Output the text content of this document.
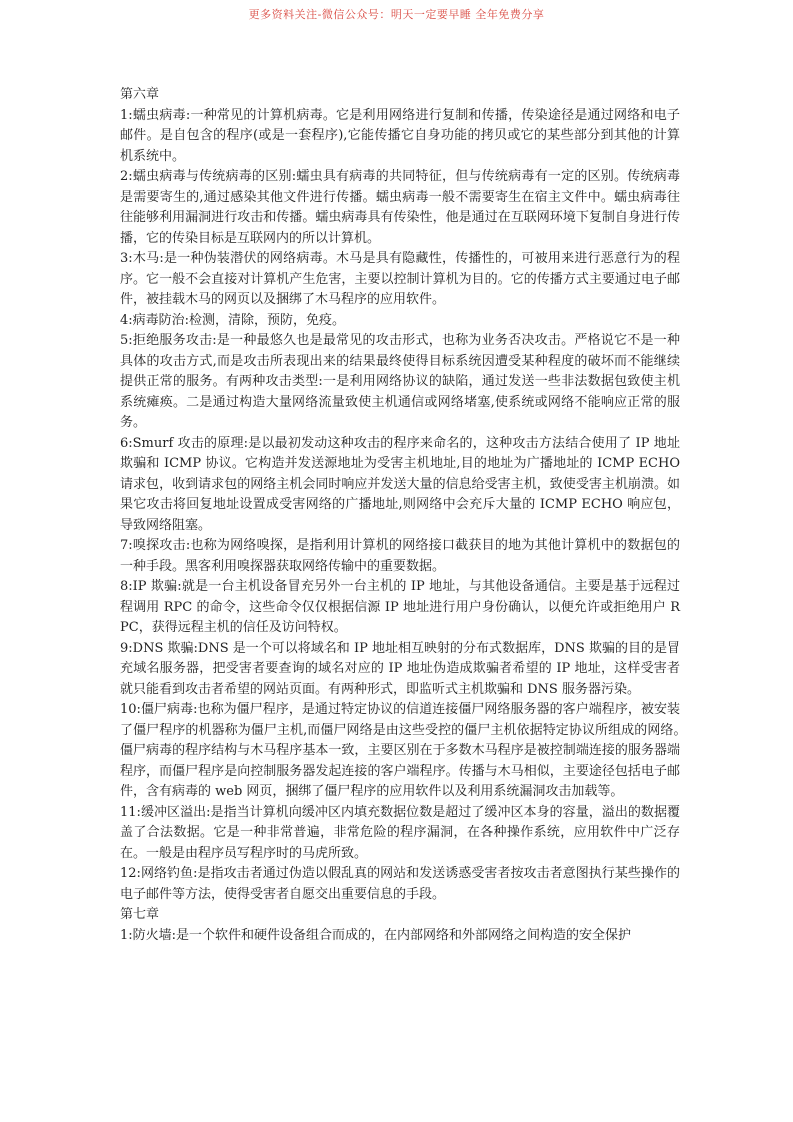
更多资料关注-微信公众号：明天一定要早睡 全年免费分享

第六章

1:蠕虫病毒:一种常见的计算机病毒。它是利用网络进行复制和传播，传染途径是通过网络和电子邮件。是自包含的程序(或是一套程序),它能传播它自身功能的拷贝或它的某些部分到其他的计算机系统中。

2:蠕虫病毒与传统病毒的区别:蠕虫具有病毒的共同特征，但与传统病毒有一定的区别。传统病毒是需要寄生的,通过感染其他文件进行传播。蠕虫病毒一般不需要寄生在宿主文件中。蠕虫病毒往往能够利用漏洞进行攻击和传播。蠕虫病毒具有传染性，他是通过在互联网环境下复制自身进行传播，它的传染目标是互联网内的所以计算机。

3:木马:是一种伪装潜伏的网络病毒。木马是具有隐藏性，传播性的，可被用来进行恶意行为的程序。它一般不会直接对计算机产生危害，主要以控制计算机为目的。它的传播方式主要通过电子邮件，被挂载木马的网页以及捆绑了木马程序的应用软件。

4:病毒防治:检测，清除，预防，免疫。

5:拒绝服务攻击:是一种最悠久也是最常见的攻击形式，也称为业务否决攻击。严格说它不是一种具体的攻击方式,而是攻击所表现出来的结果最终使得目标系统因遭受某种程度的破坏而不能继续提供正常的服务。有两种攻击类型:一是利用网络协议的缺陷，通过发送一些非法数据包致使主机系统瘫痪。二是通过构造大量网络流量致使主机通信或网络堵塞,使系统或网络不能响应正常的服务。

6:Smurf 攻击的原理:是以最初发动这种攻击的程序来命名的，这种攻击方法结合使用了 IP 地址欺骗和 ICMP 协议。它构造并发送源地址为受害主机地址,目的地址为广播地址的 ICMP ECHO 请求包，收到请求包的网络主机会同时响应并发送大量的信息给受害主机，致使受害主机崩溃。如果它攻击将回复地址设置成受害网络的广播地址,则网络中会充斥大量的 ICMP ECHO 响应包，导致网络阻塞。

7:嗅探攻击:也称为网络嗅探，是指利用计算机的网络接口截获目的地为其他计算机中的数据包的一种手段。黑客利用嗅探器获取网络传输中的重要数据。

8:IP 欺骗:就是一台主机设备冒充另外一台主机的 IP 地址，与其他设备通信。主要是基于远程过程调用 RPC 的命令，这些命令仅仅根据信源 IP 地址进行用户身份确认，以便允许或拒绝用户 RPC，获得远程主机的信任及访问特权。

9:DNS 欺骗:DNS 是一个可以将域名和 IP 地址相互映射的分布式数据库，DNS 欺骗的目的是冒充域名服务器，把受害者要查询的域名对应的 IP 地址伪造成欺骗者希望的 IP 地址，这样受害者就只能看到攻击者希望的网站页面。有两种形式，即监听式主机欺骗和 DNS 服务器污染。

10:僵尸病毒:也称为僵尸程序，是通过特定协议的信道连接僵尸网络服务器的客户端程序，被安装了僵尸程序的机器称为僵尸主机,而僵尸网络是由这些受控的僵尸主机依据特定协议所组成的网络。　僵尸病毒的程序结构与木马程序基本一致，主要区别在于多数木马程序是被控制端连接的服务器端程序，而僵尸程序是向控制服务器发起连接的客户端程序。传播与木马相似，主要途径包括电子邮件，含有病毒的 web 网页，捆绑了僵尸程序的应用软件以及利用系统漏洞攻击加载等。

11:缓冲区溢出:是指当计算机向缓冲区内填充数据位数是超过了缓冲区本身的容量，溢出的数据覆盖了合法数据。它是一种非常普遍，非常危险的程序漏洞，在各种操作系统，应用软件中广泛存在。一般是由程序员写程序时的马虎所致。

12:网络钓鱼:是指攻击者通过伪造以假乱真的网站和发送诱惑受害者按攻击者意图执行某些操作的电子邮件等方法，使得受害者自愿交出重要信息的手段。

第七章

1:防火墙:是一个软件和硬件设备组合而成的，在内部网络和外部网络之间构造的安全保护
